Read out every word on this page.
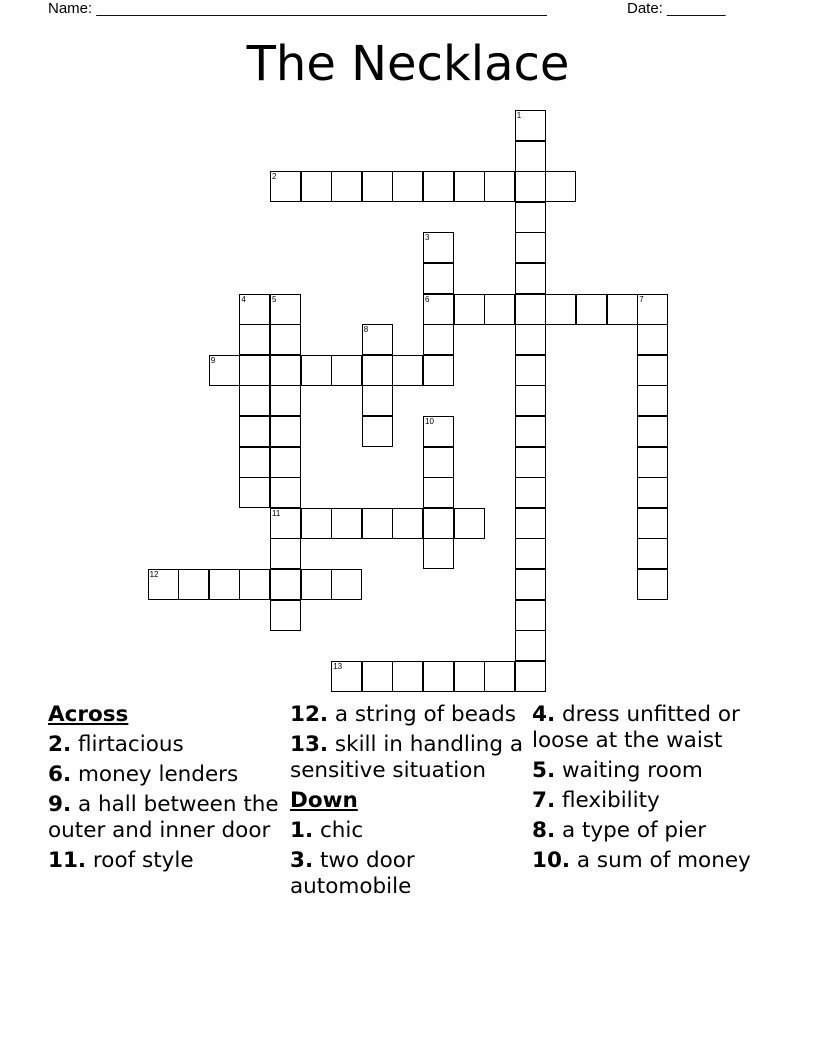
Name: ______________________________________________________	Date: _______
The Necklace
1
2
3
4	5	6	7
8
9
10
11
12
13
Across
2. flirtacious
6. money lenders
9. a hall between the outer and inner door
11. roof style
12. a string of beads
13. skill in handling a sensitive situation
Down
1. chic
3. two door automobile
4. dress unfitted or loose at the waist
5. waiting room
7. flexibility
8. a type of pier
10. a sum of money
